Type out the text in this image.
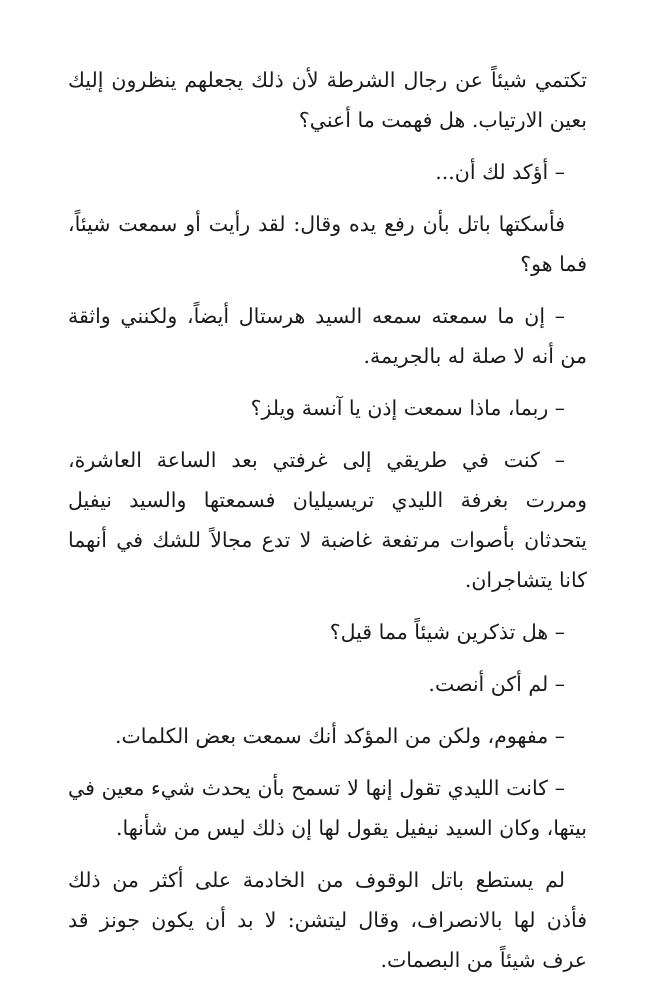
تكتمي شيئاً عن رجال الشرطة لأن ذلك يجعلهم ينظرون إليك بعين الارتياب. هل فهمت ما أعني؟

– أؤكد لك أن...

فأسكتها باتل بأن رفع يده وقال: لقد رأيت أو سمعت شيئاً، فما هو؟

– إن ما سمعته سمعه السيد هرستال أيضاً، ولكنني واثقة من أنه لا صلة له بالجريمة.

– ربما، ماذا سمعت إذن يا آنسة ويلز؟

– كنت في طريقي إلى غرفتي بعد الساعة العاشرة، ومررت بغرفة الليدي تريسيليان فسمعتها والسيد نيفيل يتحدثان بأصوات مرتفعة غاضبة لا تدع مجالاً للشك في أنهما كانا يتشاجران.

– هل تذكرين شيئاً مما قيل؟

– لم أكن أنصت.

– مفهوم، ولكن من المؤكد أنك سمعت بعض الكلمات.

– كانت الليدي تقول إنها لا تسمح بأن يحدث شيء معين في بيتها، وكان السيد نيفيل يقول لها إن ذلك ليس من شأنها.

لم يستطع باتل الوقوف من الخادمة على أكثر من ذلك فأذن لها بالانصراف، وقال ليتشن: لا بد أن يكون جونز قد عرف شيئاً من البصمات.
